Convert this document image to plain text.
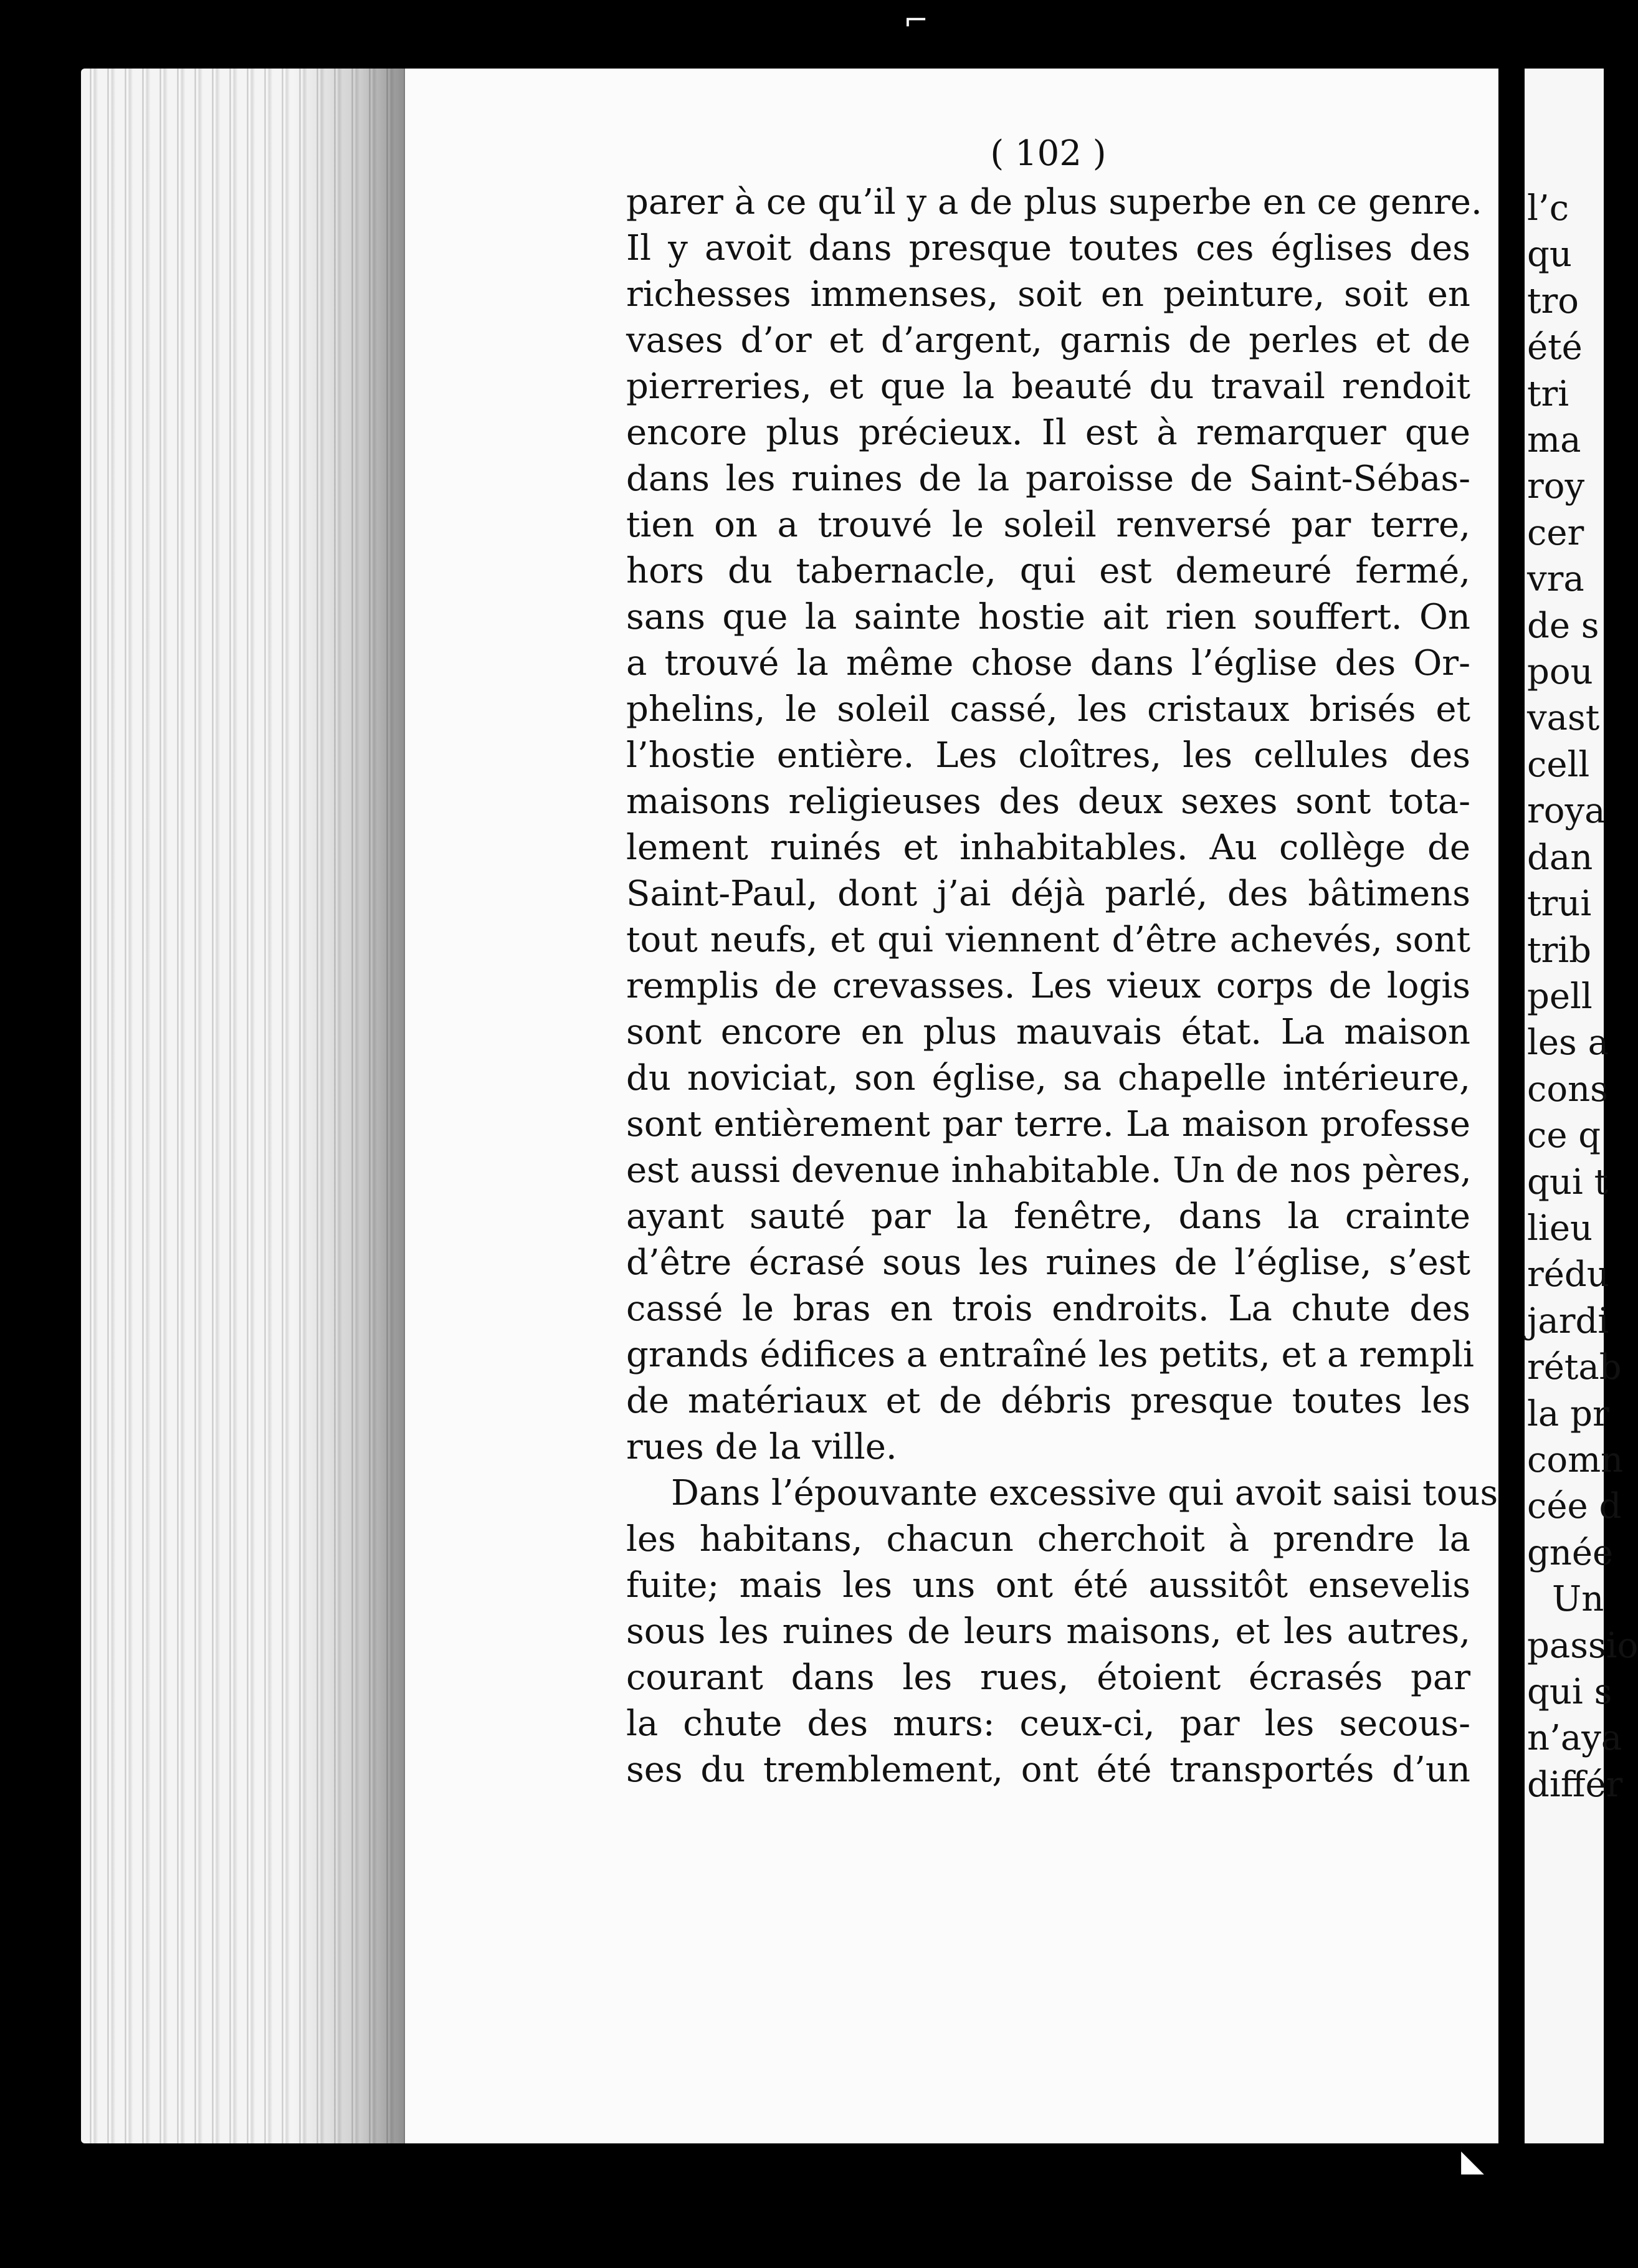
( 102 )
parer à ce qu’il y a de plus superbe en ce genre.
Il y avoit dans presque toutes ces églises des
richesses immenses, soit en peinture, soit en
vases d’or et d’argent, garnis de perles et de
pierreries, et que la beauté du travail rendoit
encore plus précieux. Il est à remarquer que
dans les ruines de la paroisse de Saint-Sébas-
tien on a trouvé le soleil renversé par terre,
hors du tabernacle, qui est demeuré fermé,
sans que la sainte hostie ait rien souffert. On
a trouvé la même chose dans l’église des Or-
phelins, le soleil cassé, les cristaux brisés et
l’hostie entière. Les cloîtres, les cellules des
maisons religieuses des deux sexes sont tota-
lement ruinés et inhabitables. Au collège de
Saint-Paul, dont j’ai déjà parlé, des bâtimens
tout neufs, et qui viennent d’être achevés, sont
remplis de crevasses. Les vieux corps de logis
sont encore en plus mauvais état. La maison
du noviciat, son église, sa chapelle intérieure,
sont entièrement par terre. La maison professe
est aussi devenue inhabitable. Un de nos pères,
ayant sauté par la fenêtre, dans la crainte
d’être écrasé sous les ruines de l’église, s’est
cassé le bras en trois endroits. La chute des
grands édifices a entraîné les petits, et a rempli
de matériaux et de débris presque toutes les
rues de la ville.
Dans l’épouvante excessive qui avoit saisi tous
les habitans, chacun cherchoit à prendre la
fuite; mais les uns ont été aussitôt ensevelis
sous les ruines de leurs maisons, et les autres,
courant dans les rues, étoient écrasés par
la chute des murs: ceux-ci, par les secous-
ses du tremblement, ont été transportés d’un
l’c
qu
tro
été
tri
ma
roy
cer
vra
de s
pou
vast
cell
roya
dan
trui
trib
pell
les a
cons
ce q
qui t
lieu
rédu
jardi
rétab
la pr
comn
cée d
gnée
Un
passio
qui s
n’aya
différ
⌐
◣
